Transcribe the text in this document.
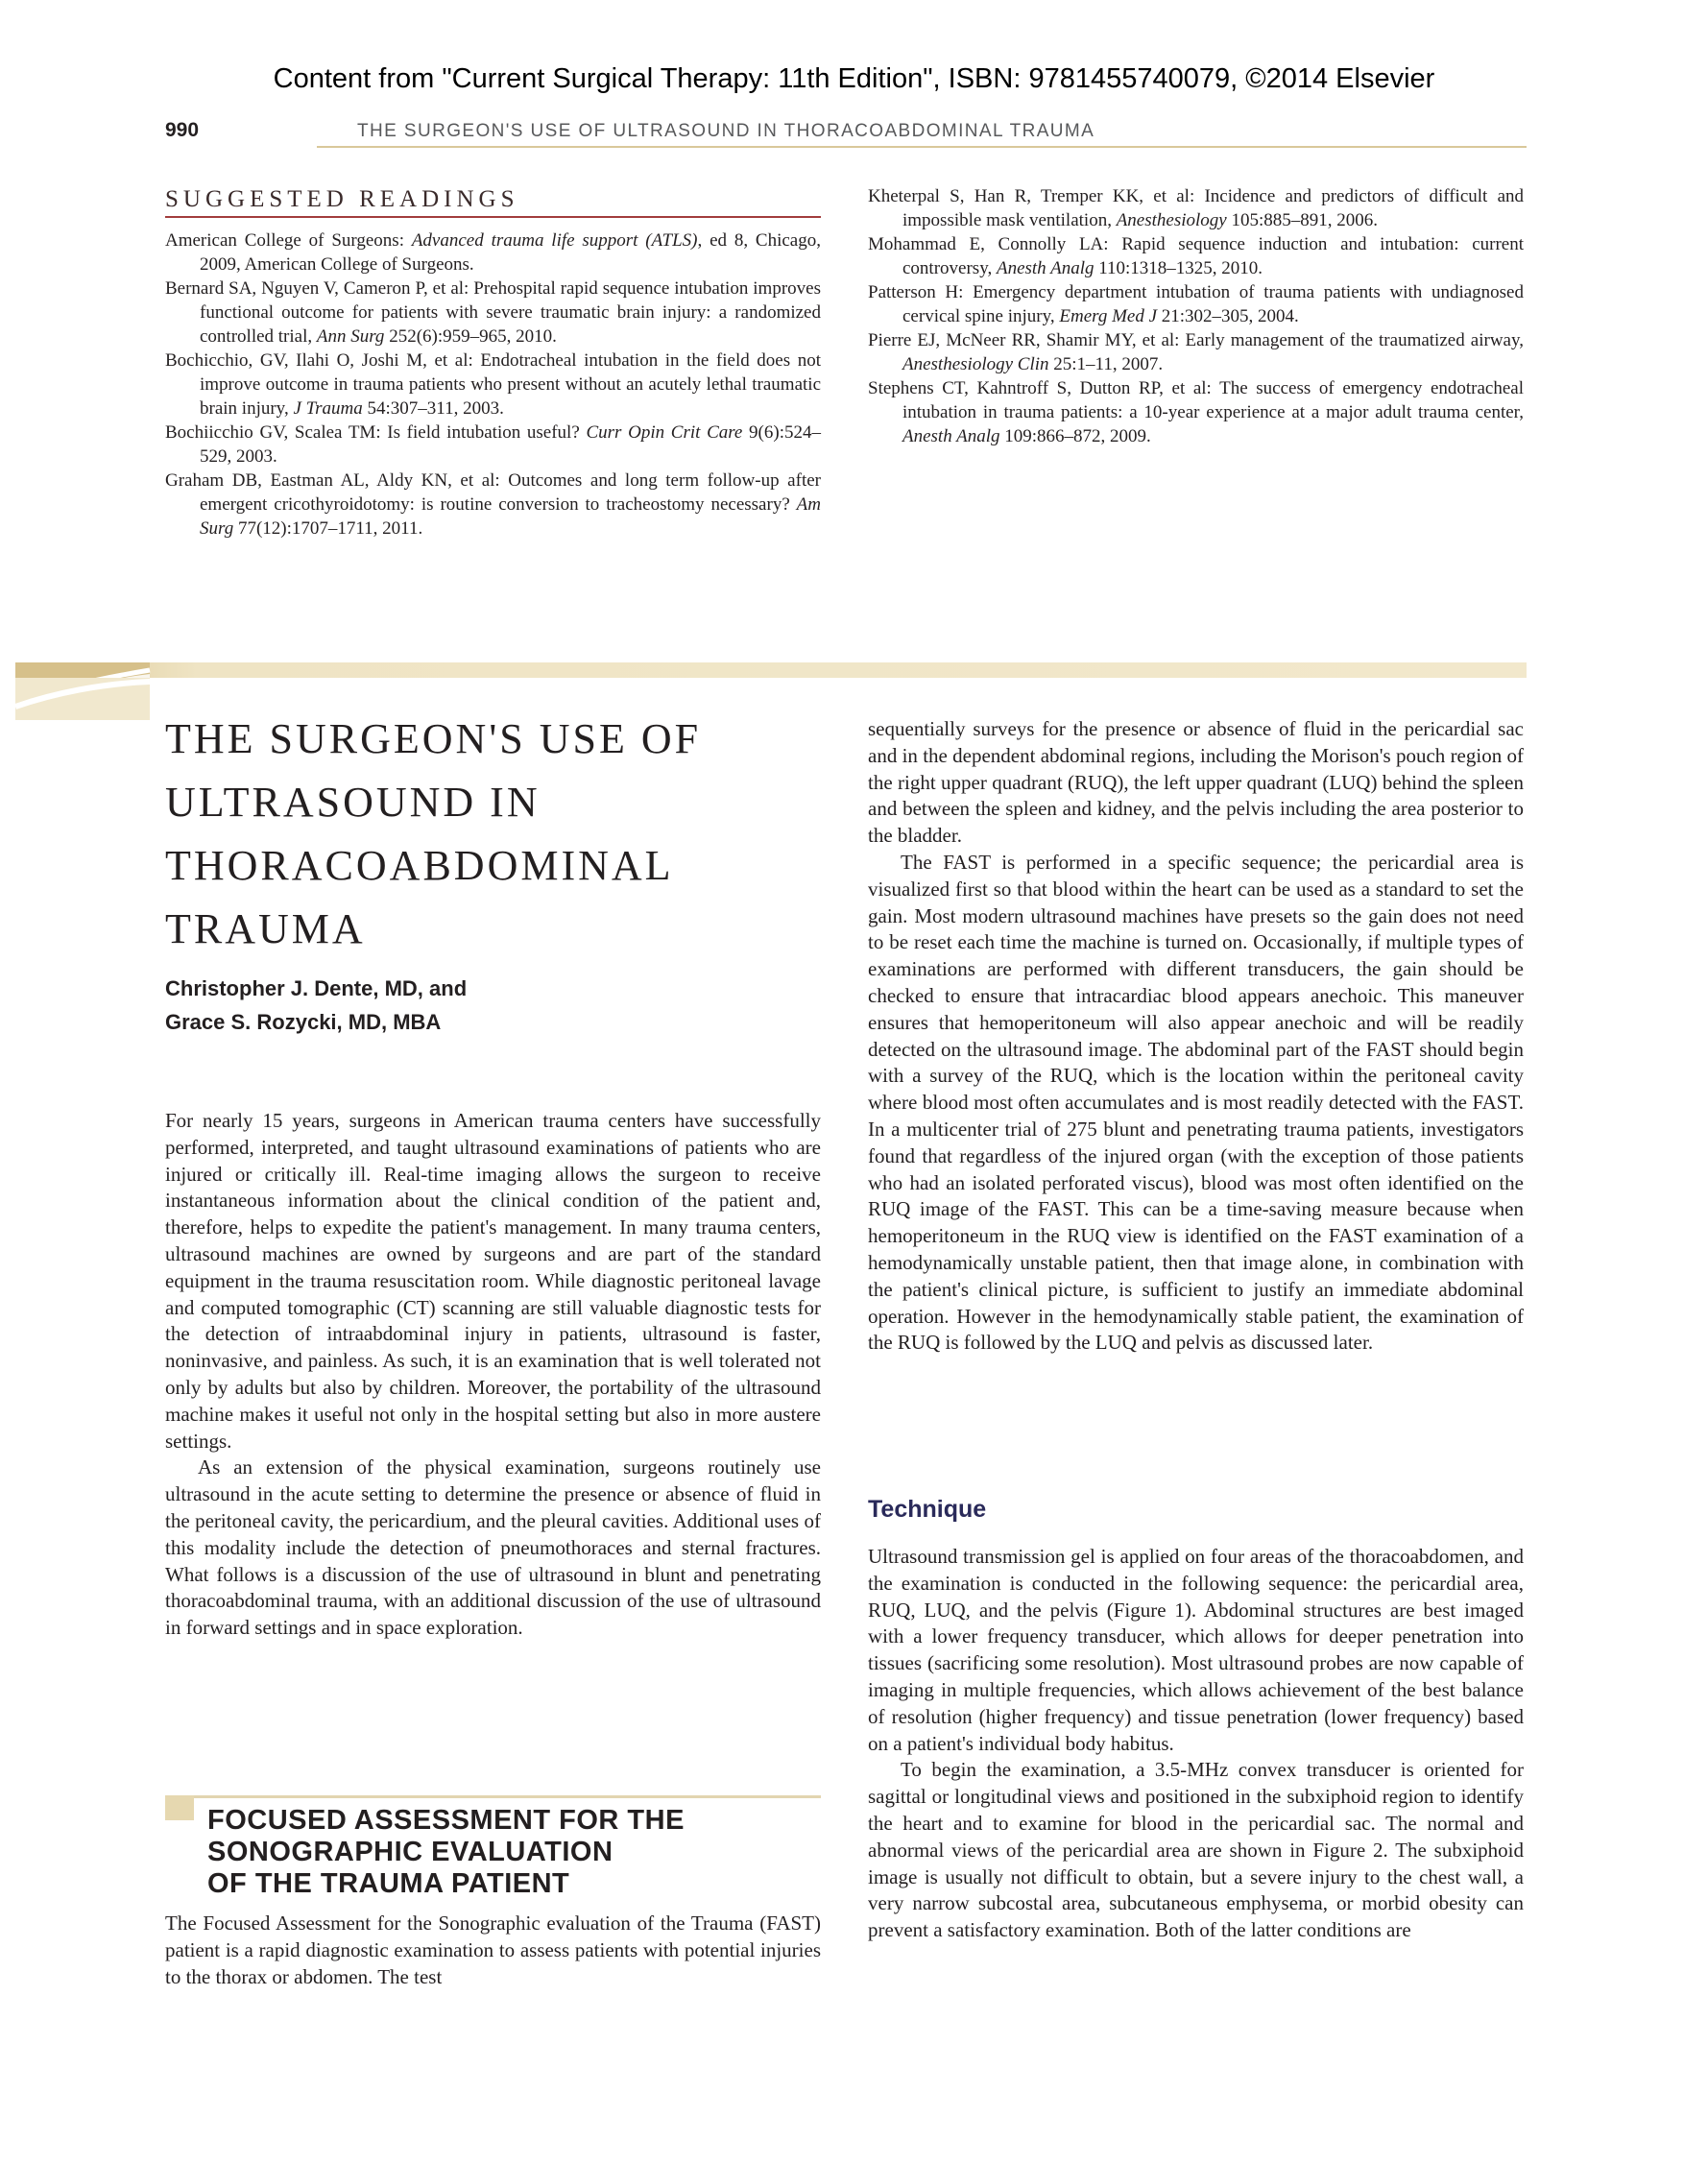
Content from "Current Surgical Therapy: 11th Edition", ISBN: 9781455740079, ©2014 Elsevier
990	THE SURGEON'S USE OF ULTRASOUND IN THORACOABDOMINAL TRAUMA
SUGGESTED READINGS

American College of Surgeons: Advanced trauma life support (ATLS), ed 8, Chicago, 2009, American College of Surgeons.

Bernard SA, Nguyen V, Cameron P, et al: Prehospital rapid sequence intubation improves functional outcome for patients with severe traumatic brain injury: a randomized controlled trial, Ann Surg 252(6):959–965, 2010.

Bochicchio, GV, Ilahi O, Joshi M, et al: Endotracheal intubation in the field does not improve outcome in trauma patients who present without an acutely lethal traumatic brain injury, J Trauma 54:307–311, 2003.

Bochiicchio GV, Scalea TM: Is field intubation useful? Curr Opin Crit Care 9(6):524–529, 2003.

Graham DB, Eastman AL, Aldy KN, et al: Outcomes and long term follow-up after emergent cricothyroidotomy: is routine conversion to tracheostomy necessary? Am Surg 77(12):1707–1711, 2011.

Kheterpal S, Han R, Tremper KK, et al: Incidence and predictors of difficult and impossible mask ventilation, Anesthesiology 105:885–891, 2006.

Mohammad E, Connolly LA: Rapid sequence induction and intubation: current controversy, Anesth Analg 110:1318–1325, 2010.

Patterson H: Emergency department intubation of trauma patients with undiagnosed cervical spine injury, Emerg Med J 21:302–305, 2004.

Pierre EJ, McNeer RR, Shamir MY, et al: Early management of the traumatized airway, Anesthesiology Clin 25:1–11, 2007.

Stephens CT, Kahntroff S, Dutton RP, et al: The success of emergency endotracheal intubation in trauma patients: a 10-year experience at a major adult trauma center, Anesth Analg 109:866–872, 2009.

THE SURGEON'S USE OF
ULTRASOUND IN
THORACOABDOMINAL
TRAUMA
Christopher J. Dente, MD, and
Grace S. Rozycki, MD, MBA

For nearly 15 years, surgeons in American trauma centers have successfully performed, interpreted, and taught ultrasound examinations of patients who are injured or critically ill. Real-time imaging allows the surgeon to receive instantaneous information about the clinical condition of the patient and, therefore, helps to expedite the patient's management. In many trauma centers, ultrasound machines are owned by surgeons and are part of the standard equipment in the trauma resuscitation room. While diagnostic peritoneal lavage and computed tomographic (CT) scanning are still valuable diagnostic tests for the detection of intraabdominal injury in patients, ultrasound is faster, noninvasive, and painless. As such, it is an examination that is well tolerated not only by adults but also by children. Moreover, the portability of the ultrasound machine makes it useful not only in the hospital setting but also in more austere settings.

As an extension of the physical examination, surgeons routinely use ultrasound in the acute setting to determine the presence or absence of fluid in the peritoneal cavity, the pericardium, and the pleural cavities. Additional uses of this modality include the detection of pneumothoraces and sternal fractures. What follows is a discussion of the use of ultrasound in blunt and penetrating thoracoabdominal trauma, with an additional discussion of the use of ultrasound in forward settings and in space exploration.

FOCUSED ASSESSMENT FOR THE
SONOGRAPHIC EVALUATION
OF THE TRAUMA PATIENT

The Focused Assessment for the Sonographic evaluation of the Trauma (FAST) patient is a rapid diagnostic examination to assess patients with potential injuries to the thorax or abdomen. The test

sequentially surveys for the presence or absence of fluid in the pericardial sac and in the dependent abdominal regions, including the Morison's pouch region of the right upper quadrant (RUQ), the left upper quadrant (LUQ) behind the spleen and between the spleen and kidney, and the pelvis including the area posterior to the bladder.

The FAST is performed in a specific sequence; the pericardial area is visualized first so that blood within the heart can be used as a standard to set the gain. Most modern ultrasound machines have presets so the gain does not need to be reset each time the machine is turned on. Occasionally, if multiple types of examinations are performed with different transducers, the gain should be checked to ensure that intracardiac blood appears anechoic. This maneuver ensures that hemoperitoneum will also appear anechoic and will be readily detected on the ultrasound image. The abdominal part of the FAST should begin with a survey of the RUQ, which is the location within the peritoneal cavity where blood most often accumulates and is most readily detected with the FAST. In a multicenter trial of 275 blunt and penetrating trauma patients, investigators found that regardless of the injured organ (with the exception of those patients who had an isolated perforated viscus), blood was most often identified on the RUQ image of the FAST. This can be a time-saving measure because when hemoperitoneum in the RUQ view is identified on the FAST examination of a hemodynamically unstable patient, then that image alone, in combination with the patient's clinical picture, is sufficient to justify an immediate abdominal operation. However in the hemodynamically stable patient, the examination of the RUQ is followed by the LUQ and pelvis as discussed later.

Technique

Ultrasound transmission gel is applied on four areas of the thoracoabdomen, and the examination is conducted in the following sequence: the pericardial area, RUQ, LUQ, and the pelvis (Figure 1). Abdominal structures are best imaged with a lower frequency transducer, which allows for deeper penetration into tissues (sacrificing some resolution). Most ultrasound probes are now capable of imaging in multiple frequencies, which allows achievement of the best balance of resolution (higher frequency) and tissue penetration (lower frequency) based on a patient's individual body habitus.

To begin the examination, a 3.5-MHz convex transducer is oriented for sagittal or longitudinal views and positioned in the subxiphoid region to identify the heart and to examine for blood in the pericardial sac. The normal and abnormal views of the pericardial area are shown in Figure 2. The subxiphoid image is usually not difficult to obtain, but a severe injury to the chest wall, a very narrow subcostal area, subcutaneous emphysema, or morbid obesity can prevent a satisfactory examination. Both of the latter conditions are
